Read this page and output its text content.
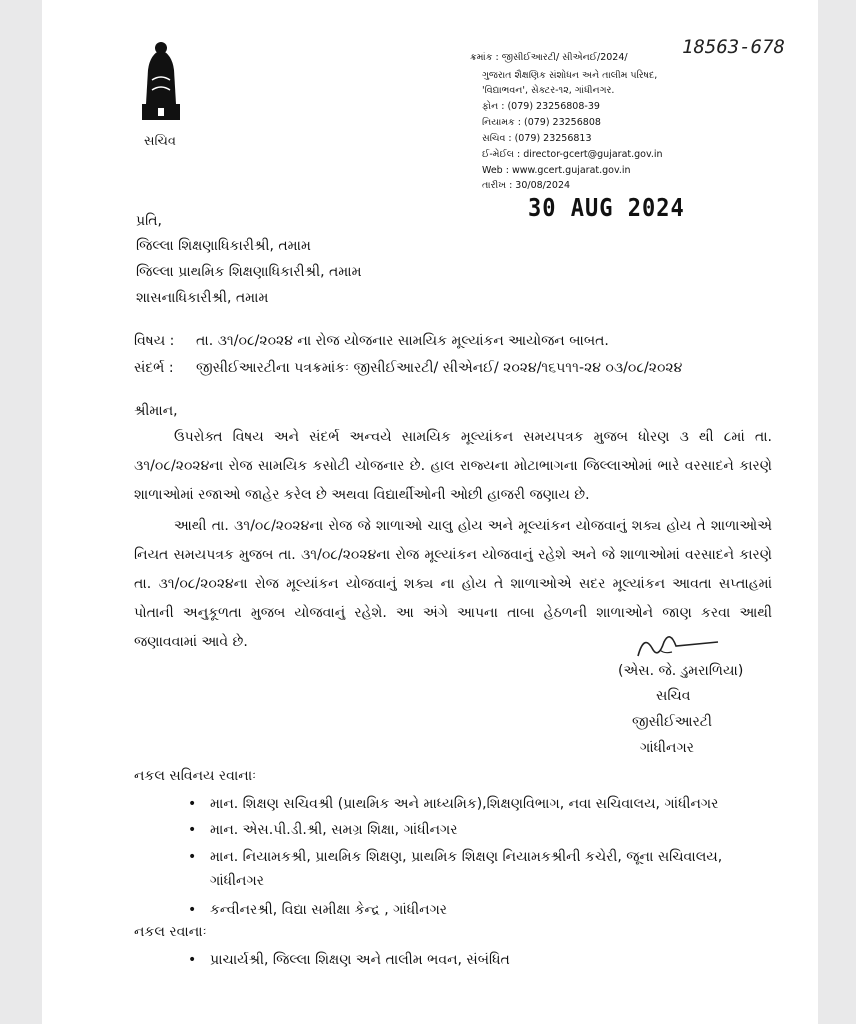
સચિવ
ક્રમાંક : જીસીઈઆરટી/ સીએનઈ/2024/	18563-678
ગુજરાત શૈક્ષણિક સંશોધન અને તાલીમ પરિષદ,
'વિદ્યાભવન', સેક્ટર-૧૨, ગાંધીનગર.
ફોન : (079) 23256808-39
નિયામક : (079) 23256808
સચિવ : (079) 23256813
ઈ-મેઈલ : director-gcert@gujarat.gov.in
Web : www.gcert.gujarat.gov.in
તારીખ : 30/08/2024
30 AUG 2024
પ્રતિ,
જિલ્લા શિક્ષણાધિકારીશ્રી, તમામ
જિલ્લા પ્રાથમિક શિક્ષણાધિકારીશ્રી, તમામ
શાસનાધિકારીશ્રી, તમામ
વિષય : તા. ૩૧/૦૮/૨૦૨૪ ના રોજ યોજનાર સામયિક મૂલ્યાંકન આયોજન બાબત.
સંદર્ભ : જીસીઈઆરટીના પત્રક્રમાંકઃ જીસીઈઆરટી/ સીએનઈ/ ૨૦૨૪/૧૬૫૧૧-૨૪ ૦૩/૦૮/૨૦૨૪
શ્રીમાન,
ઉપરોક્ત વિષય અને સંદર્ભ અન્વયે સામયિક મૂલ્યાંકન સમયપત્રક મુજબ ધોરણ ૩ થી ૮માં તા. ૩૧/૦૮/૨૦૨૪ના રોજ સામયિક કસોટી યોજનાર છે. હાલ રાજ્યના મોટાભાગના જિલ્લાઓમાં ભારે વરસાદને કારણે શાળાઓમાં રજાઓ જાહેર કરેલ છે અથવા વિદ્યાર્થીઓની ઓછી હાજરી જણાય છે.
આથી તા. ૩૧/૦૮/૨૦૨૪ના રોજ જે શાળાઓ ચાલુ હોય અને મૂલ્યાંકન યોજવાનું શક્ય હોય તે શાળાઓએ નિયત સમયપત્રક મુજબ તા. ૩૧/૦૮/૨૦૨૪ના રોજ મૂલ્યાંકન યોજવાનું રહેશે અને જે શાળાઓમાં વરસાદને કારણે તા. ૩૧/૦૮/૨૦૨૪ના રોજ મૂલ્યાંકન યોજવાનું શક્ય ના હોય તે શાળાઓએ સદર મૂલ્યાંકન આવતા સપ્તાહમાં પોતાની અનુકૂળતા મુજબ યોજવાનું રહેશે. આ અંગે આપના તાબા હેઠળની શાળાઓને જાણ કરવા આથી જણાવવામાં આવે છે.
(એસ. જે. ડુમરાળિયા)
સચિવ
જીસીઈઆરટી
ગાંધીનગર
નકલ સવિનય રવાનાઃ
• માન. શિક્ષણ સચિવશ્રી (પ્રાથમિક અને માધ્યમિક),શિક્ષણવિભાગ, નવા સચિવાલય, ગાંધીનગર
• માન. એસ.પી.ડી.શ્રી, સમગ્ર શિક્ષા, ગાંધીનગર
• માન. નિયામકશ્રી, પ્રાથમિક શિક્ષણ, પ્રાથમિક શિક્ષણ નિયામકશ્રીની કચેરી, જૂના સચિવાલય, ગાંધીનગર
• કન્વીનરશ્રી, વિદ્યા સમીક્ષા કેન્દ્ર , ગાંધીનગર
નકલ રવાનાઃ
• પ્રાચાર્યશ્રી, જિલ્લા શિક્ષણ અને તાલીમ ભવન, સંબંધિત
